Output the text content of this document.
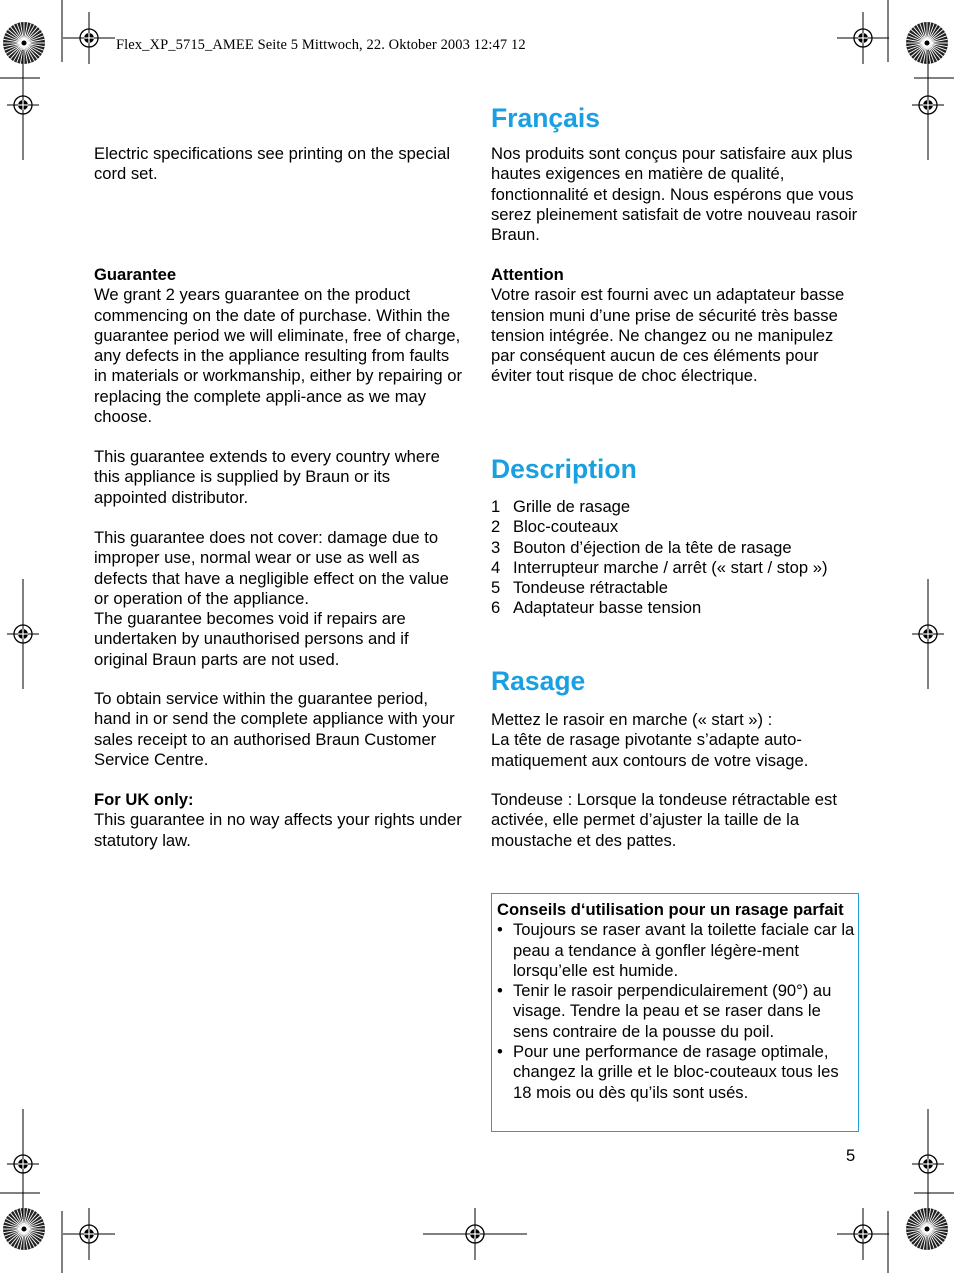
Flex_XP_5715_AMEE Seite 5 Mittwoch, 22. Oktober 2003 12:47 12

Electric specifications see printing on the special cord set.

Guarantee
We grant 2 years guarantee on the product commencing on the date of purchase. Within the guarantee period we will eliminate, free of charge, any defects in the appliance resulting from faults in materials or workmanship, either by repairing or replacing the complete appli-ance as we may choose.

This guarantee extends to every country where this appliance is supplied by Braun or its appointed distributor.

This guarantee does not cover: damage due to improper use, normal wear or use as well as defects that have a negligible effect on the value or operation of the appliance.

The guarantee becomes void if repairs are undertaken by unauthorised persons and if original Braun parts are not used.

To obtain service within the guarantee period, hand in or send the complete appliance with your sales receipt to an authorised Braun Customer Service Centre.

For UK only:
This guarantee in no way affects your rights under statutory law.
Français

Nos produits sont conçus pour satisfaire aux plus hautes exigences en matière de qualité, fonctionnalité et design. Nous espérons que vous serez pleinement satisfait de votre nouveau rasoir Braun.

Attention
Votre rasoir est fourni avec un adaptateur basse tension muni d’une prise de sécurité très basse tension intégrée. Ne changez ou ne manipulez par conséquent aucun de ces éléments pour éviter tout risque de choc électrique.
Description
1 Grille de rasage
2 Bloc-couteaux
3 Bouton d’éjection de la tête de rasage
4 Interrupteur marche / arrêt (« start / stop »)
5 Tondeuse rétractable
6 Adaptateur basse tension
Rasage
Mettez le rasoir en marche (« start ») :
La tête de rasage pivotante s’adapte auto-matiquement aux contours de votre visage.

Tondeuse : Lorsque la tondeuse rétractable est activée, elle permet d’ajuster la taille de la moustache et des pattes.

Conseils d‘utilisation pour un rasage parfait
• Toujours se raser avant la toilette faciale car la peau a tendance à gonfler légère-ment lorsqu’elle est humide.
• Tenir le rasoir perpendiculairement (90°) au visage. Tendre la peau et se raser dans le sens contraire de la pousse du poil.
• Pour une performance de rasage optimale, changez la grille et le bloc-couteaux tous les 18 mois ou dès qu’ils sont usés.
5
